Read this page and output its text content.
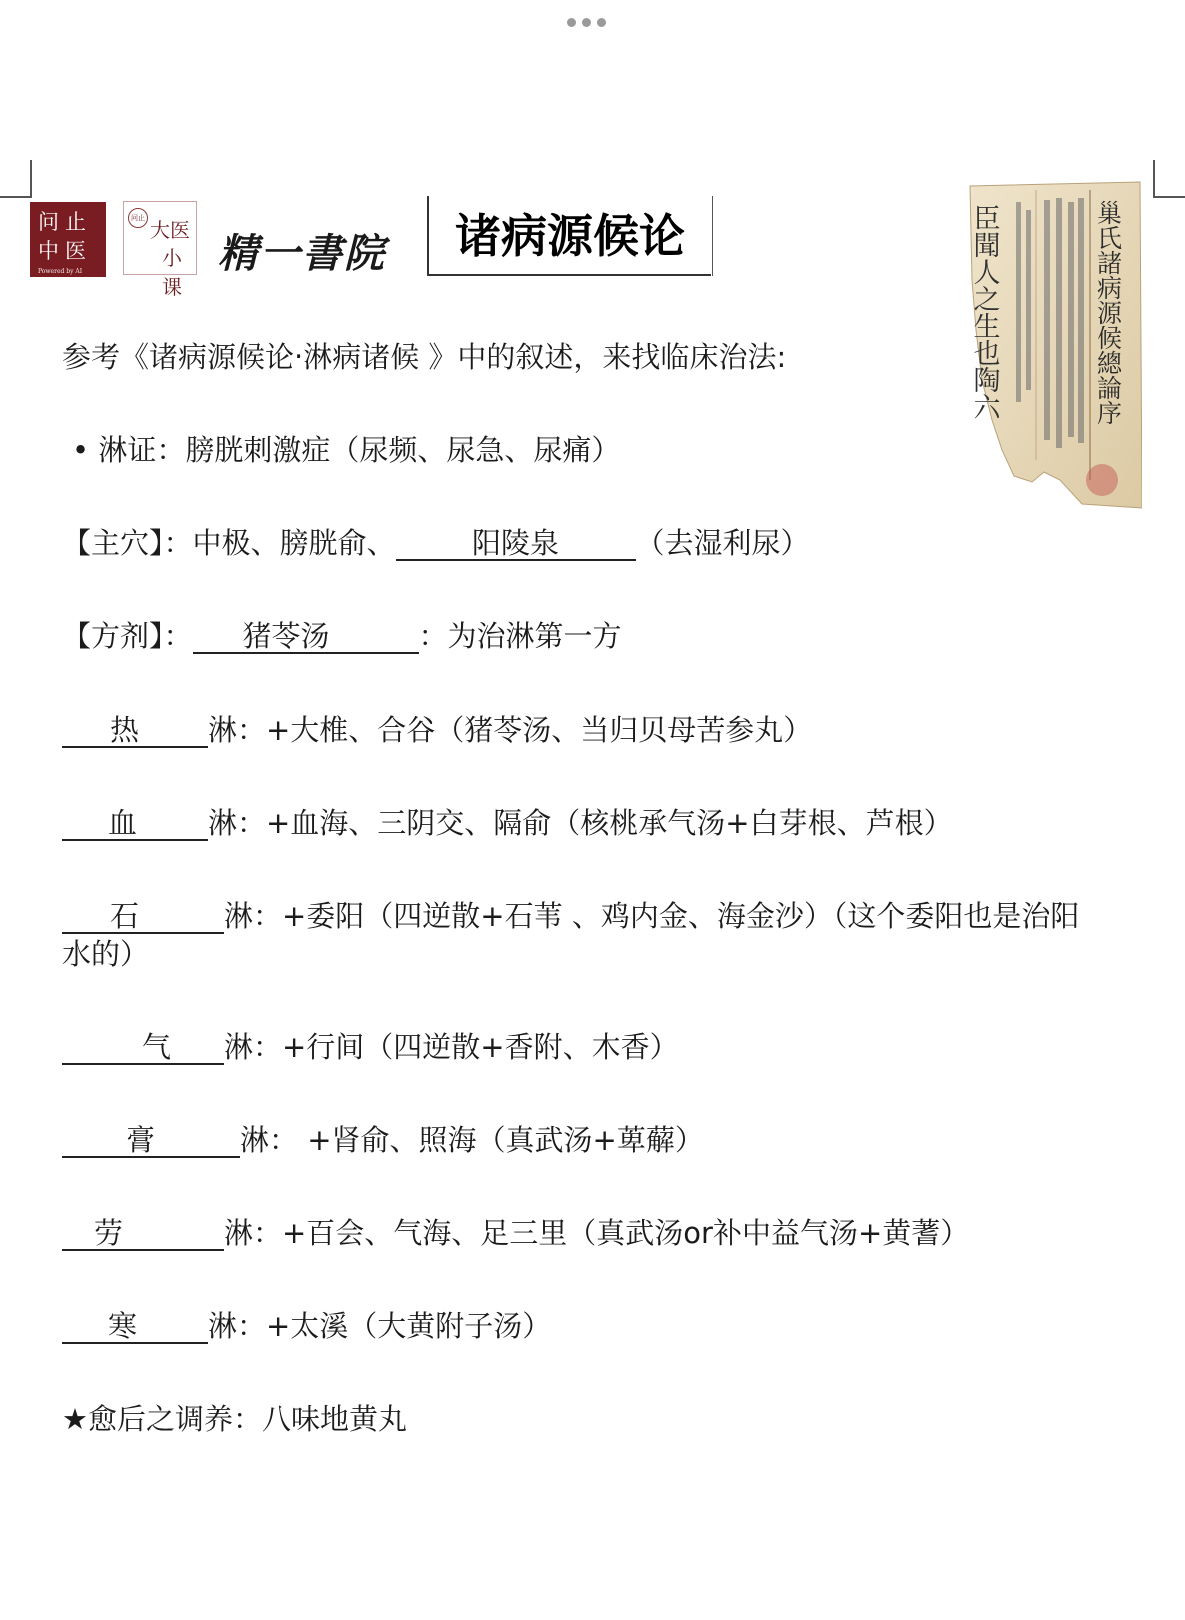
问止
中医
Powered by AI
问止 大医
小课
精一書院	诸病源候论	巢氏諸病源候總論序
臣聞人之生也陶六
参考《诸病源候论‧淋病诸候 》中的叙述，来找临床治法:
• 淋证：膀胱刺激症（尿频、尿急、尿痛）
【主穴】：中极、膀胱俞、	阳陵泉	（去湿利尿）
【方剂】： 猪苓汤	：为治淋第一方
热 淋：+大椎、合谷（猪苓汤、当归贝母苦参丸）
血 淋：+血海、三阴交、隔俞（核桃承气汤+白芽根、芦根）
石	淋：+委阳（四逆散+石苇 、鸡内金、海金沙）（这个委阳也是治阳
水的）
气 淋：+行间（四逆散+香附、木香）
膏	淋： +肾俞、照海（真武汤+萆薢）
劳	淋：+百会、气海、足三里（真武汤or补中益气汤+黄蓍）
寒 淋：+太溪（大黄附子汤）
★愈后之调养：八味地黄丸
